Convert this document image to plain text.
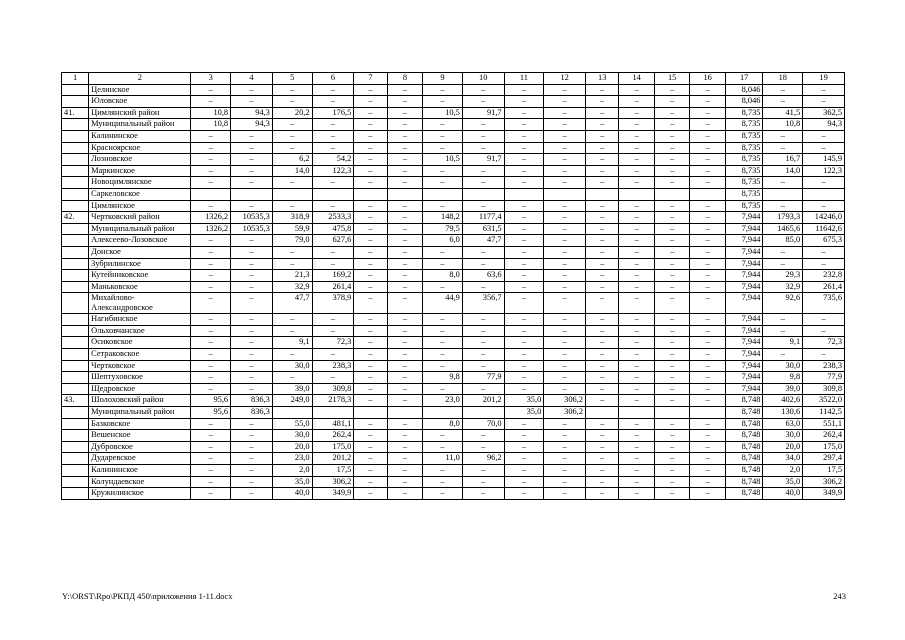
1	2	3	4	5	6	7	8	9	10	11	12	13	14	15	16	17	18	19
	Целинское	–	–	–	–	–	–	–	–	–	–	–	–	–	–	8,046	–	–
	Юловское	–	–	–	–	–	–	–	–	–	–	–	–	–	–	8,046	–	–
41.	Цимлянский район	10,8	94,3	20,2	176,5	–	–	10,5	91,7	–	–	–	–	–	–	8,735	41,5	362,5
	Муниципальный район	10,8	94,3	–	–	–	–	–	–	–	–	–	–	–	–	8,735	10,8	94,3
	Калининское	–	–	–	–	–	–	–	–	–	–	–	–	–	–	8,735	–	–
	Красноярское	–	–	–	–	–	–	–	–	–	–	–	–	–	–	8,735	–	–
	Лозновское	–	–	6,2	54,2	–	–	10,5	91,7	–	–	–	–	–	–	8,735	16,7	145,9
	Маркинское	–	–	14,0	122,3	–	–	–	–	–	–	–	–	–	–	8,735	14,0	122,3
	Новоцимлянское	–	–	–	–	–	–	–	–	–	–	–	–	–	–	8,735	–	–
	Саркеловское															8,735		
	Цимлянское	–	–	–	–	–	–	–	–	–	–	–	–	–	–	8,735	–	–
42.	Чертковский район	1326,2	10535,3	318,9	2533,3	–	–	148,2	1177,4	–	–	–	–	–	–	7,944	1793,3	14246,0
	Муниципальный район	1326,2	10535,3	59,9	475,8	–	–	79,5	631,5	–	–	–	–	–	–	7,944	1465,6	11642,6
	Алексеево-Лозовское	–	–	79,0	627,6	–	–	6,0	47,7	–	–	–	–	–	–	7,944	85,0	675,3
	Донское	–	–	–	–	–	–	–	–	–	–	–	–	–	–	7,944	–	–
	Зубрилинское	–	–	–	–	–	–	–	–	–	–	–	–	–	–	7,944	–	–
	Кутейниковское	–	–	21,3	169,2	–	–	8,0	63,6	–	–	–	–	–	–	7,944	29,3	232,8
	Маньковское	–	–	32,9	261,4	–	–	–	–	–	–	–	–	–	–	7,944	32,9	261,4
	Михайлово-Александровское	–	–	47,7	378,9	–	–	44,9	356,7	–	–	–	–	–	–	7,944	92,6	735,6
	Нагибинское	–	–	–	–	–	–	–	–	–	–	–	–	–	–	7,944	–	–
	Ольховчанское	–	–	–	–	–	–	–	–	–	–	–	–	–	–	7,944	–	–
	Осиковское	–	–	9,1	72,3	–	–	–	–	–	–	–	–	–	–	7,944	9,1	72,3
	Сетраковское	–	–	–	–	–	–	–	–	–	–	–	–	–	–	7,944	–	–
	Чертковское	–	–	30,0	238,3	–	–	–	–	–	–	–	–	–	–	7,944	30,0	238,3
	Шептуховское	–	–	–	–	–	–	9,8	77,9	–	–	–	–	–	–	7,944	9,8	77,9
	Щедровское	–	–	39,0	309,8	–	–	–	–	–	–	–	–	–	–	7,944	39,0	309,8
43.	Шолоховский район	95,6	836,3	249,0	2178,3	–	–	23,0	201,2	35,0	306,2	–	–	–	–	8,748	402,6	3522,0
	Муниципальный район	95,6	836,3							35,0	306,2					8,748	130,6	1142,5
	Базковское	–	–	55,0	481,1	–	–	8,0	70,0	–	–	–	–	–	–	8,748	63,0	551,1
	Вешенское	–	–	30,0	262,4	–	–	–	–	–	–	–	–	–	–	8,748	30,0	262,4
	Дубровское	–	–	20,0	175,0	–	–	–	–	–	–	–	–	–	–	8,748	20,0	175,0
	Дударевское	–	–	23,0	201,2	–	–	11,0	96,2	–	–	–	–	–	–	8,748	34,0	297,4
	Калининское	–	–	2,0	17,5	–	–	–	–	–	–	–	–	–	–	8,748	2,0	17,5
	Колундаевское	–	–	35,0	306,2	–	–	–	–	–	–	–	–	–	–	8,748	35,0	306,2
	Кружилинское	–	–	40,0	349,9	–	–	–	–	–	–	–	–	–	–	8,748	40,0	349,9
Y:\ORST\Rpo\РКПД 450\приложения 1-11.docx	243
